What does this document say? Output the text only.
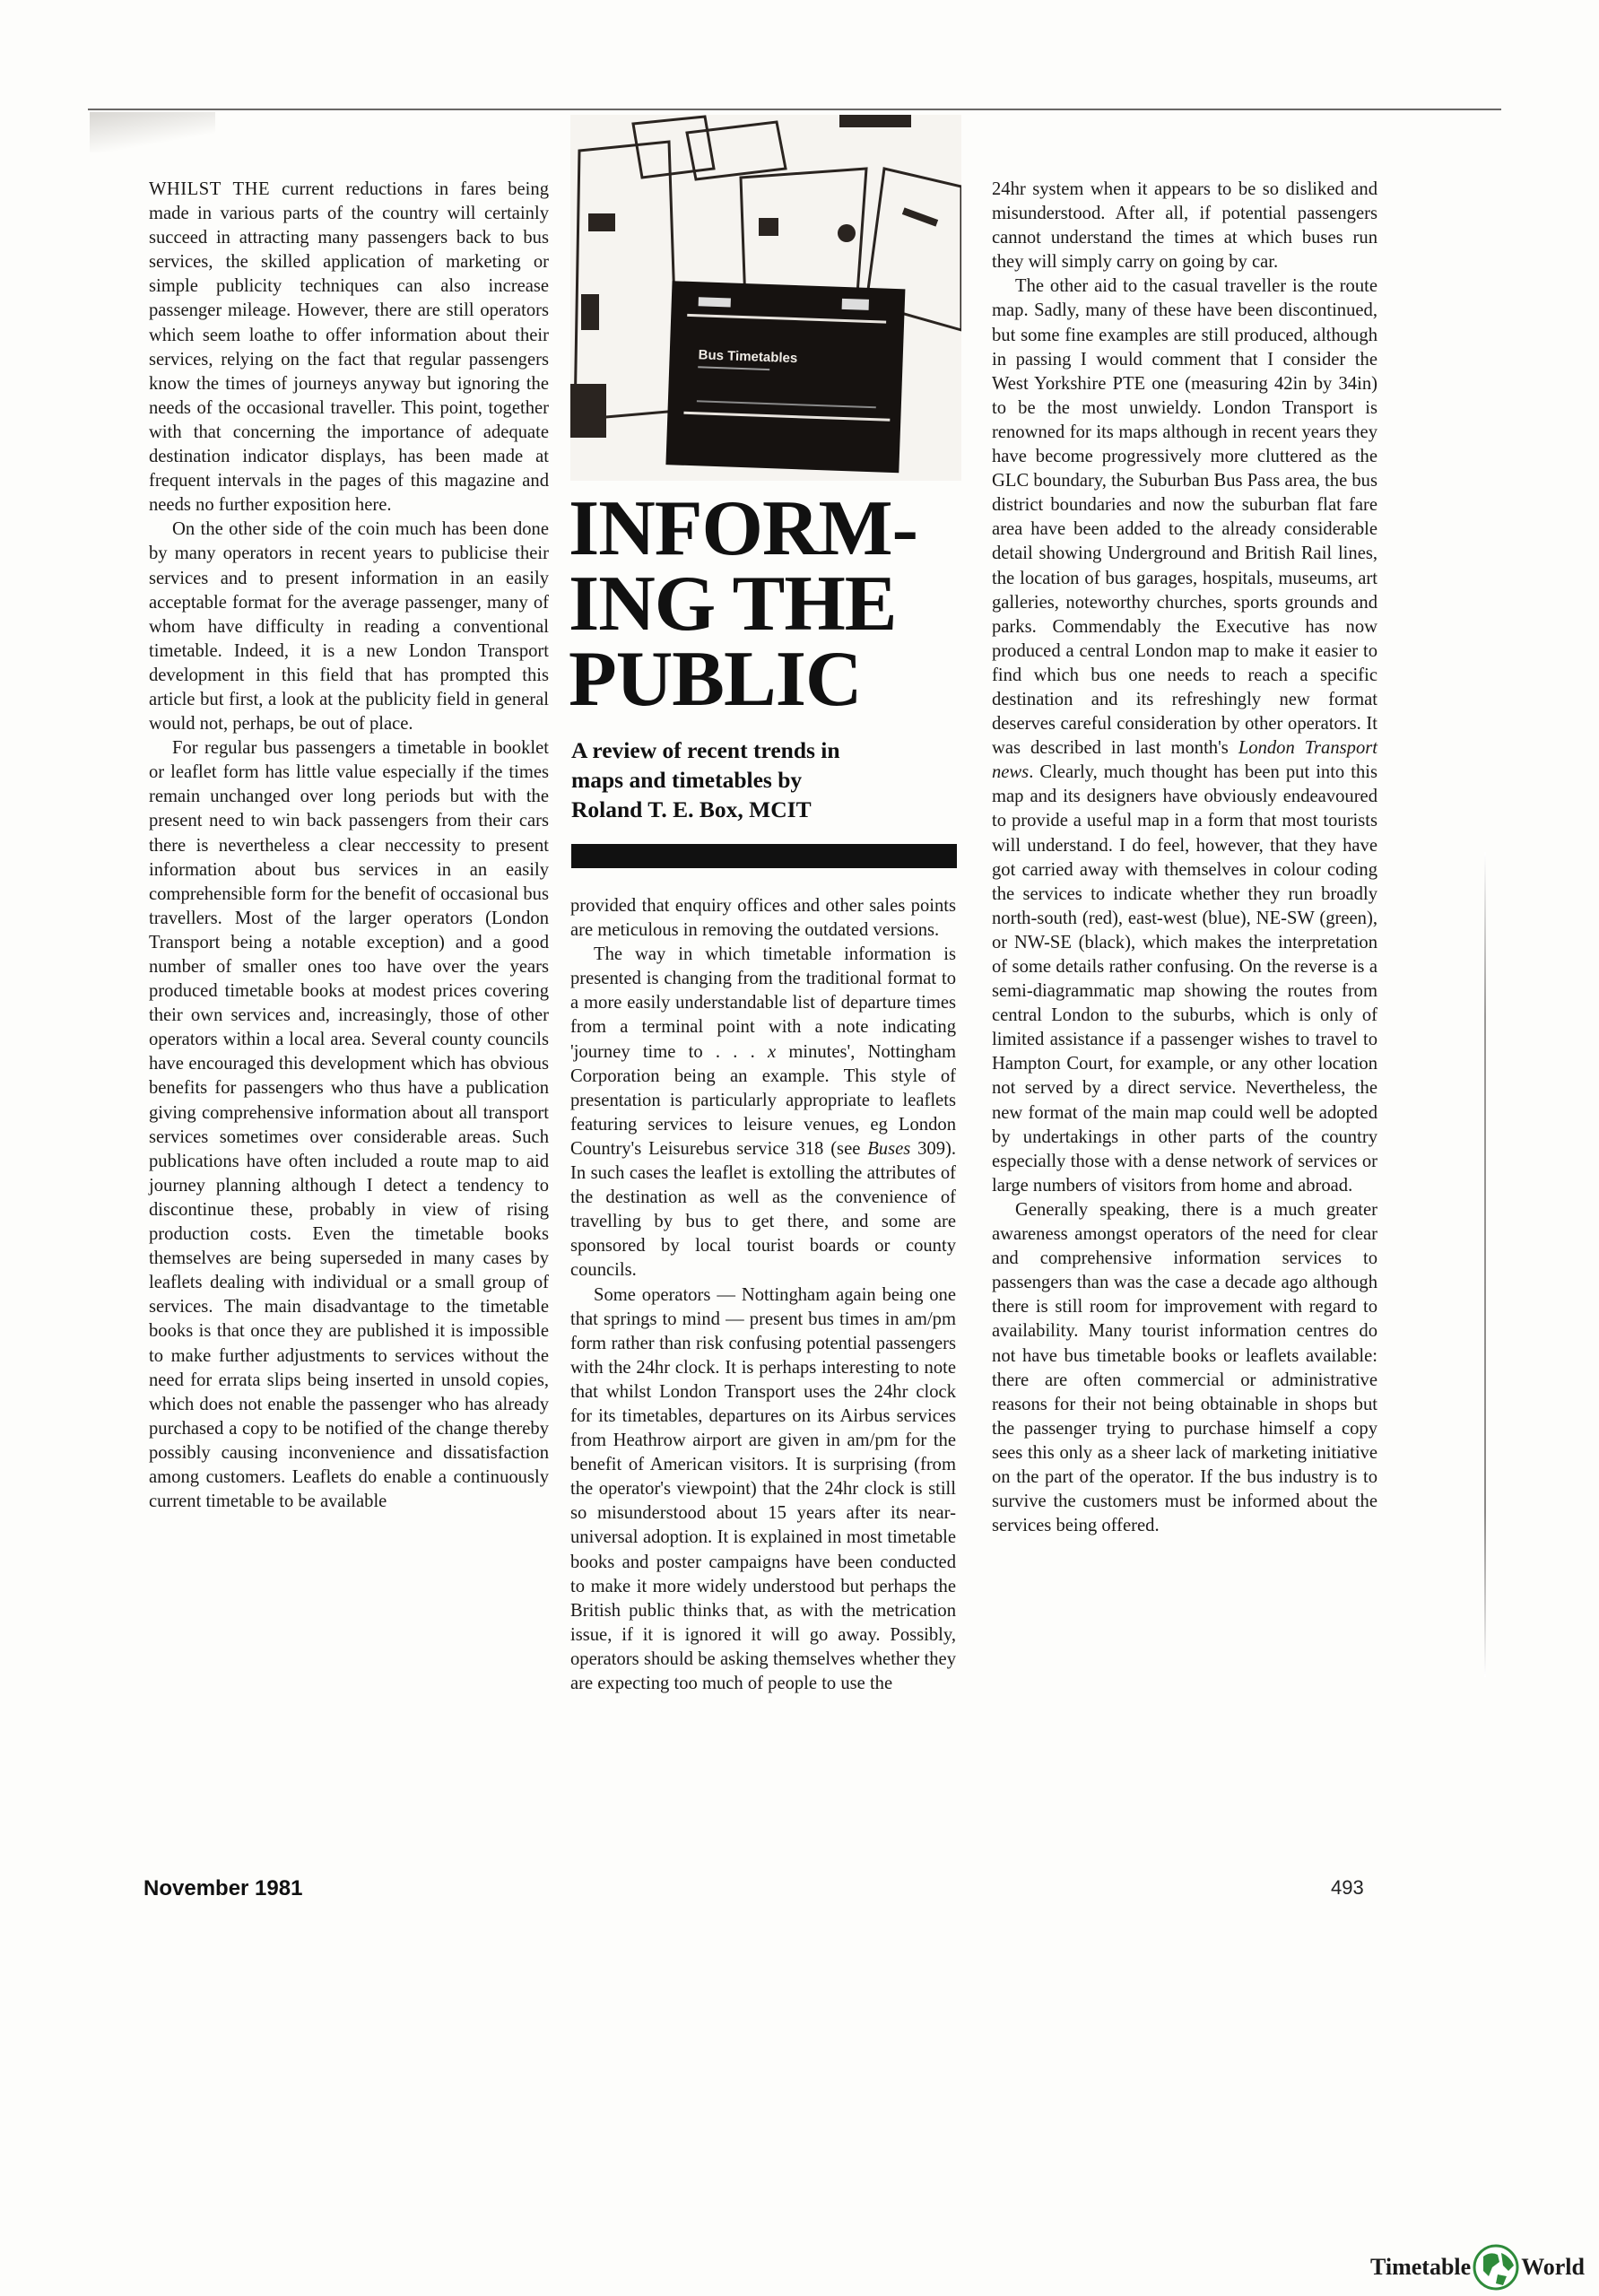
WHILST THE current reductions in fares being made in various parts of the country will certainly succeed in attracting many passengers back to bus services, the skilled application of marketing or simple publicity techniques can also increase passenger mileage. However, there are still operators which seem loathe to offer information about their services, relying on the fact that regular passengers know the times of journeys anyway but ignoring the needs of the occasional traveller. This point, together with that concerning the importance of adequate destination indicator displays, has been made at frequent intervals in the pages of this magazine and needs no further exposition here.

On the other side of the coin much has been done by many operators in recent years to publicise their services and to present information in an easily acceptable format for the average passenger, many of whom have difficulty in reading a conventional timetable. Indeed, it is a new London Transport development in this field that has prompted this article but first, a look at the publicity field in general would not, perhaps, be out of place.

For regular bus passengers a timetable in booklet or leaflet form has little value especially if the times remain unchanged over long periods but with the present need to win back passengers from their cars there is nevertheless a clear neccessity to present information about bus services in an easily comprehensible form for the benefit of occasional bus travellers. Most of the larger operators (London Transport being a notable exception) and a good number of smaller ones too have over the years produced timetable books at modest prices covering their own services and, increasingly, those of other operators within a local area. Several county councils have encouraged this development which has obvious benefits for passengers who thus have a publication giving comprehensive information about all transport services sometimes over considerable areas. Such publications have often included a route map to aid journey planning although I detect a tendency to discontinue these, probably in view of rising production costs. Even the timetable books themselves are being superseded in many cases by leaflets dealing with individual or a small group of services. The main disadvantage to the timetable books is that once they are published it is impossible to make further adjustments to services without the need for errata slips being inserted in unsold copies, which does not enable the passenger who has already purchased a copy to be notified of the change thereby possibly causing inconvenience and dissatisfaction among customers. Leaflets do enable a continuously current timetable to be available

Bus Timetables
INFORM-
ING THE
PUBLIC
A review of recent trends in
maps and timetables by
Roland T. E. Box, MCIT

provided that enquiry offices and other sales points are meticulous in removing the outdated versions.

The way in which timetable information is presented is changing from the traditional format to a more easily understandable list of departure times from a terminal point with a note indicating 'journey time to . . . x minutes', Nottingham Corporation being an example. This style of presentation is particularly appropriate to leaflets featuring services to leisure venues, eg London Country's Leisurebus service 318 (see Buses 309). In such cases the leaflet is extolling the attributes of the destination as well as the convenience of travelling by bus to get there, and some are sponsored by local tourist boards or county councils.

Some operators — Nottingham again being one that springs to mind — present bus times in am/pm form rather than risk confusing potential passengers with the 24hr clock. It is perhaps interesting to note that whilst London Transport uses the 24hr clock for its timetables, departures on its Airbus services from Heathrow airport are given in am/pm for the benefit of American visitors. It is surprising (from the operator's viewpoint) that the 24hr clock is still so misunderstood about 15 years after its near-universal adoption. It is explained in most timetable books and poster campaigns have been conducted to make it more widely understood but perhaps the British public thinks that, as with the metrication issue, if it is ignored it will go away. Possibly, operators should be asking themselves whether they are expecting too much of people to use the

24hr system when it appears to be so disliked and misunderstood. After all, if potential passengers cannot understand the times at which buses run they will simply carry on going by car.

The other aid to the casual traveller is the route map. Sadly, many of these have been discontinued, but some fine examples are still produced, although in passing I would comment that I consider the West Yorkshire PTE one (measuring 42in by 34in) to be the most unwieldy. London Transport is renowned for its maps although in recent years they have become progressively more cluttered as the GLC boundary, the Suburban Bus Pass area, the bus district boundaries and now the suburban flat fare area have been added to the already considerable detail showing Underground and British Rail lines, the location of bus garages, hospitals, museums, art galleries, noteworthy churches, sports grounds and parks. Commendably the Executive has now produced a central London map to make it easier to find which bus one needs to reach a specific destination and its refreshingly new format deserves careful consideration by other operators. It was described in last month's London Transport news. Clearly, much thought has been put into this map and its designers have obviously endeavoured to provide a useful map in a form that most tourists will understand. I do feel, however, that they have got carried away with themselves in colour coding the services to indicate whether they run broadly north-south (red), east-west (blue), NE-SW (green), or NW-SE (black), which makes the interpretation of some details rather confusing. On the reverse is a semi-diagrammatic map showing the routes from central London to the suburbs, which is only of limited assistance if a passenger wishes to travel to Hampton Court, for example, or any other location not served by a direct service. Nevertheless, the new format of the main map could well be adopted by undertakings in other parts of the country especially those with a dense network of services or large numbers of visitors from home and abroad.

Generally speaking, there is a much greater awareness amongst operators of the need for clear and comprehensive information services to passengers than was the case a decade ago although there is still room for improvement with regard to availability. Many tourist information centres do not have bus timetable books or leaflets available: there are often commercial or administrative reasons for their not being obtainable in shops but the passenger trying to purchase himself a copy sees this only as a sheer lack of marketing initiative on the part of the operator. If the bus industry is to survive the customers must be informed about the services being offered.

November 1981	493
Timetable World
